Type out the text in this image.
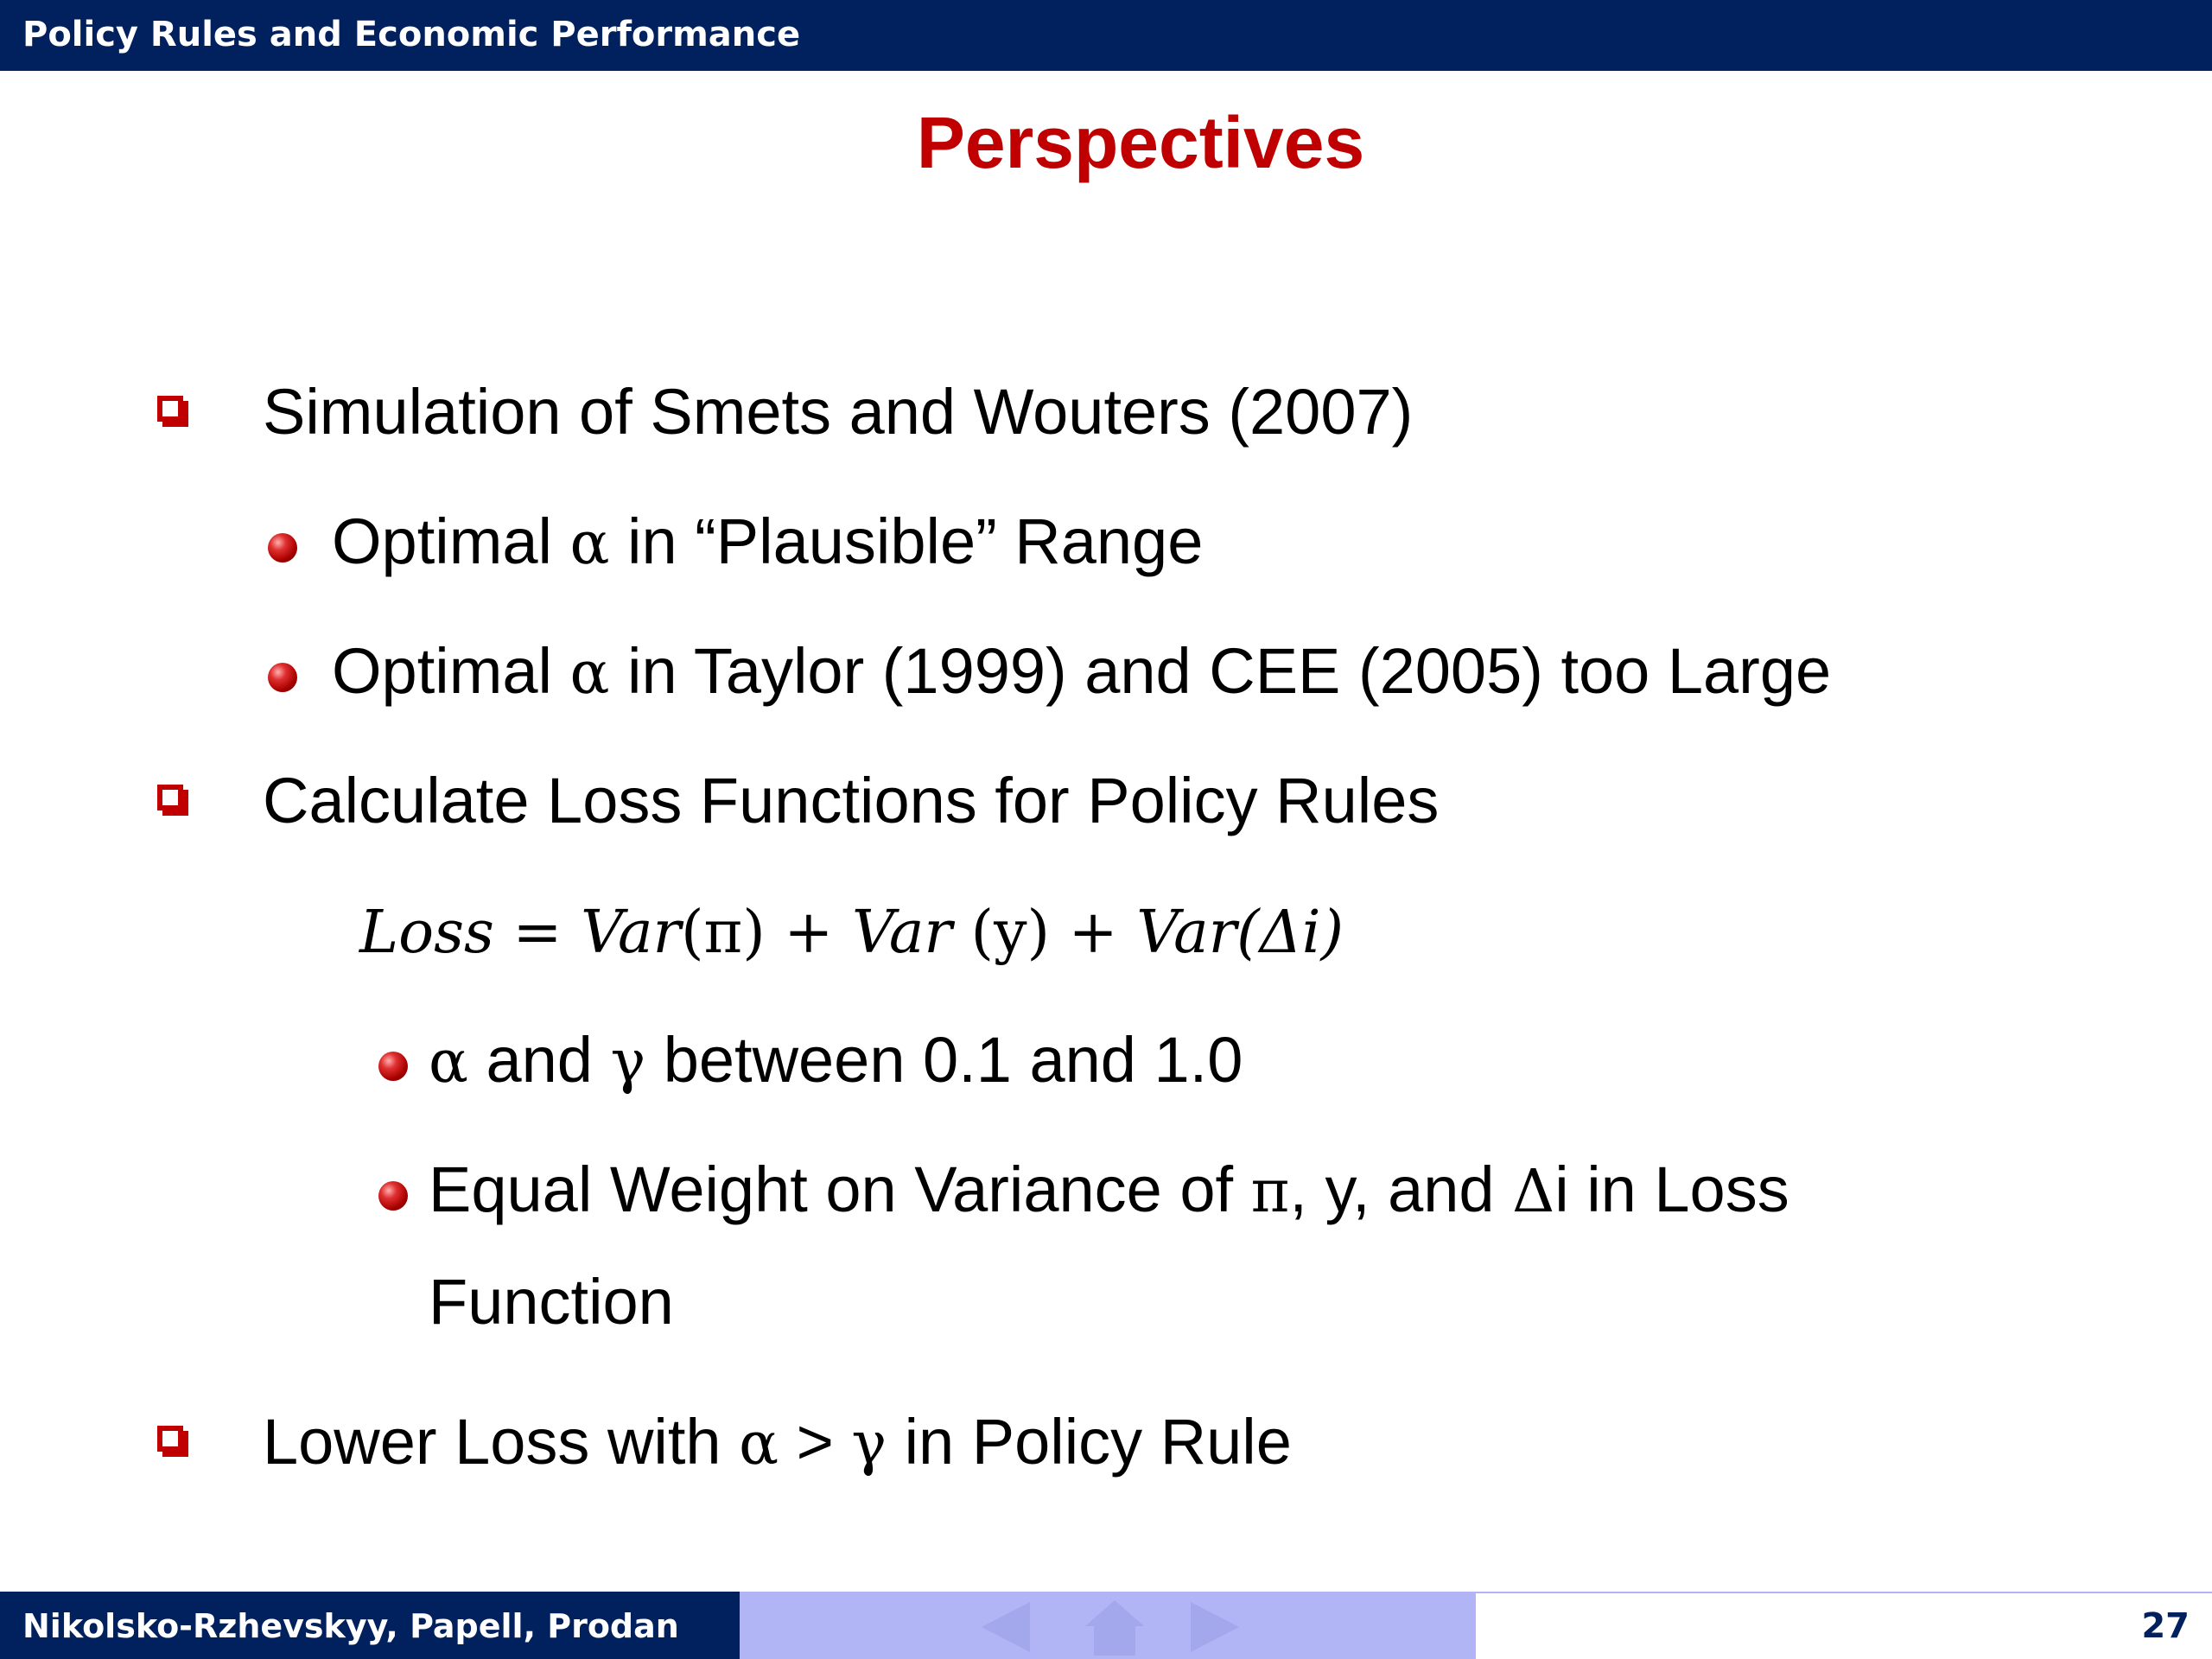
Policy Rules and Economic Performance
Perspectives
Simulation of Smets and Wouters (2007)
Optimal α in “Plausible” Range
Optimal α in Taylor (1999) and CEE (2005) too Large
Calculate Loss Functions for Policy Rules
Loss = Var(π) + Var (y) + Var(Δi)
α and γ between 0.1 and 1.0
Equal Weight on Variance of π, y, and Δi in Loss
Function
Lower Loss with α > γ in Policy Rule
Nikolsko-Rzhevskyy, Papell, Prodan	27
